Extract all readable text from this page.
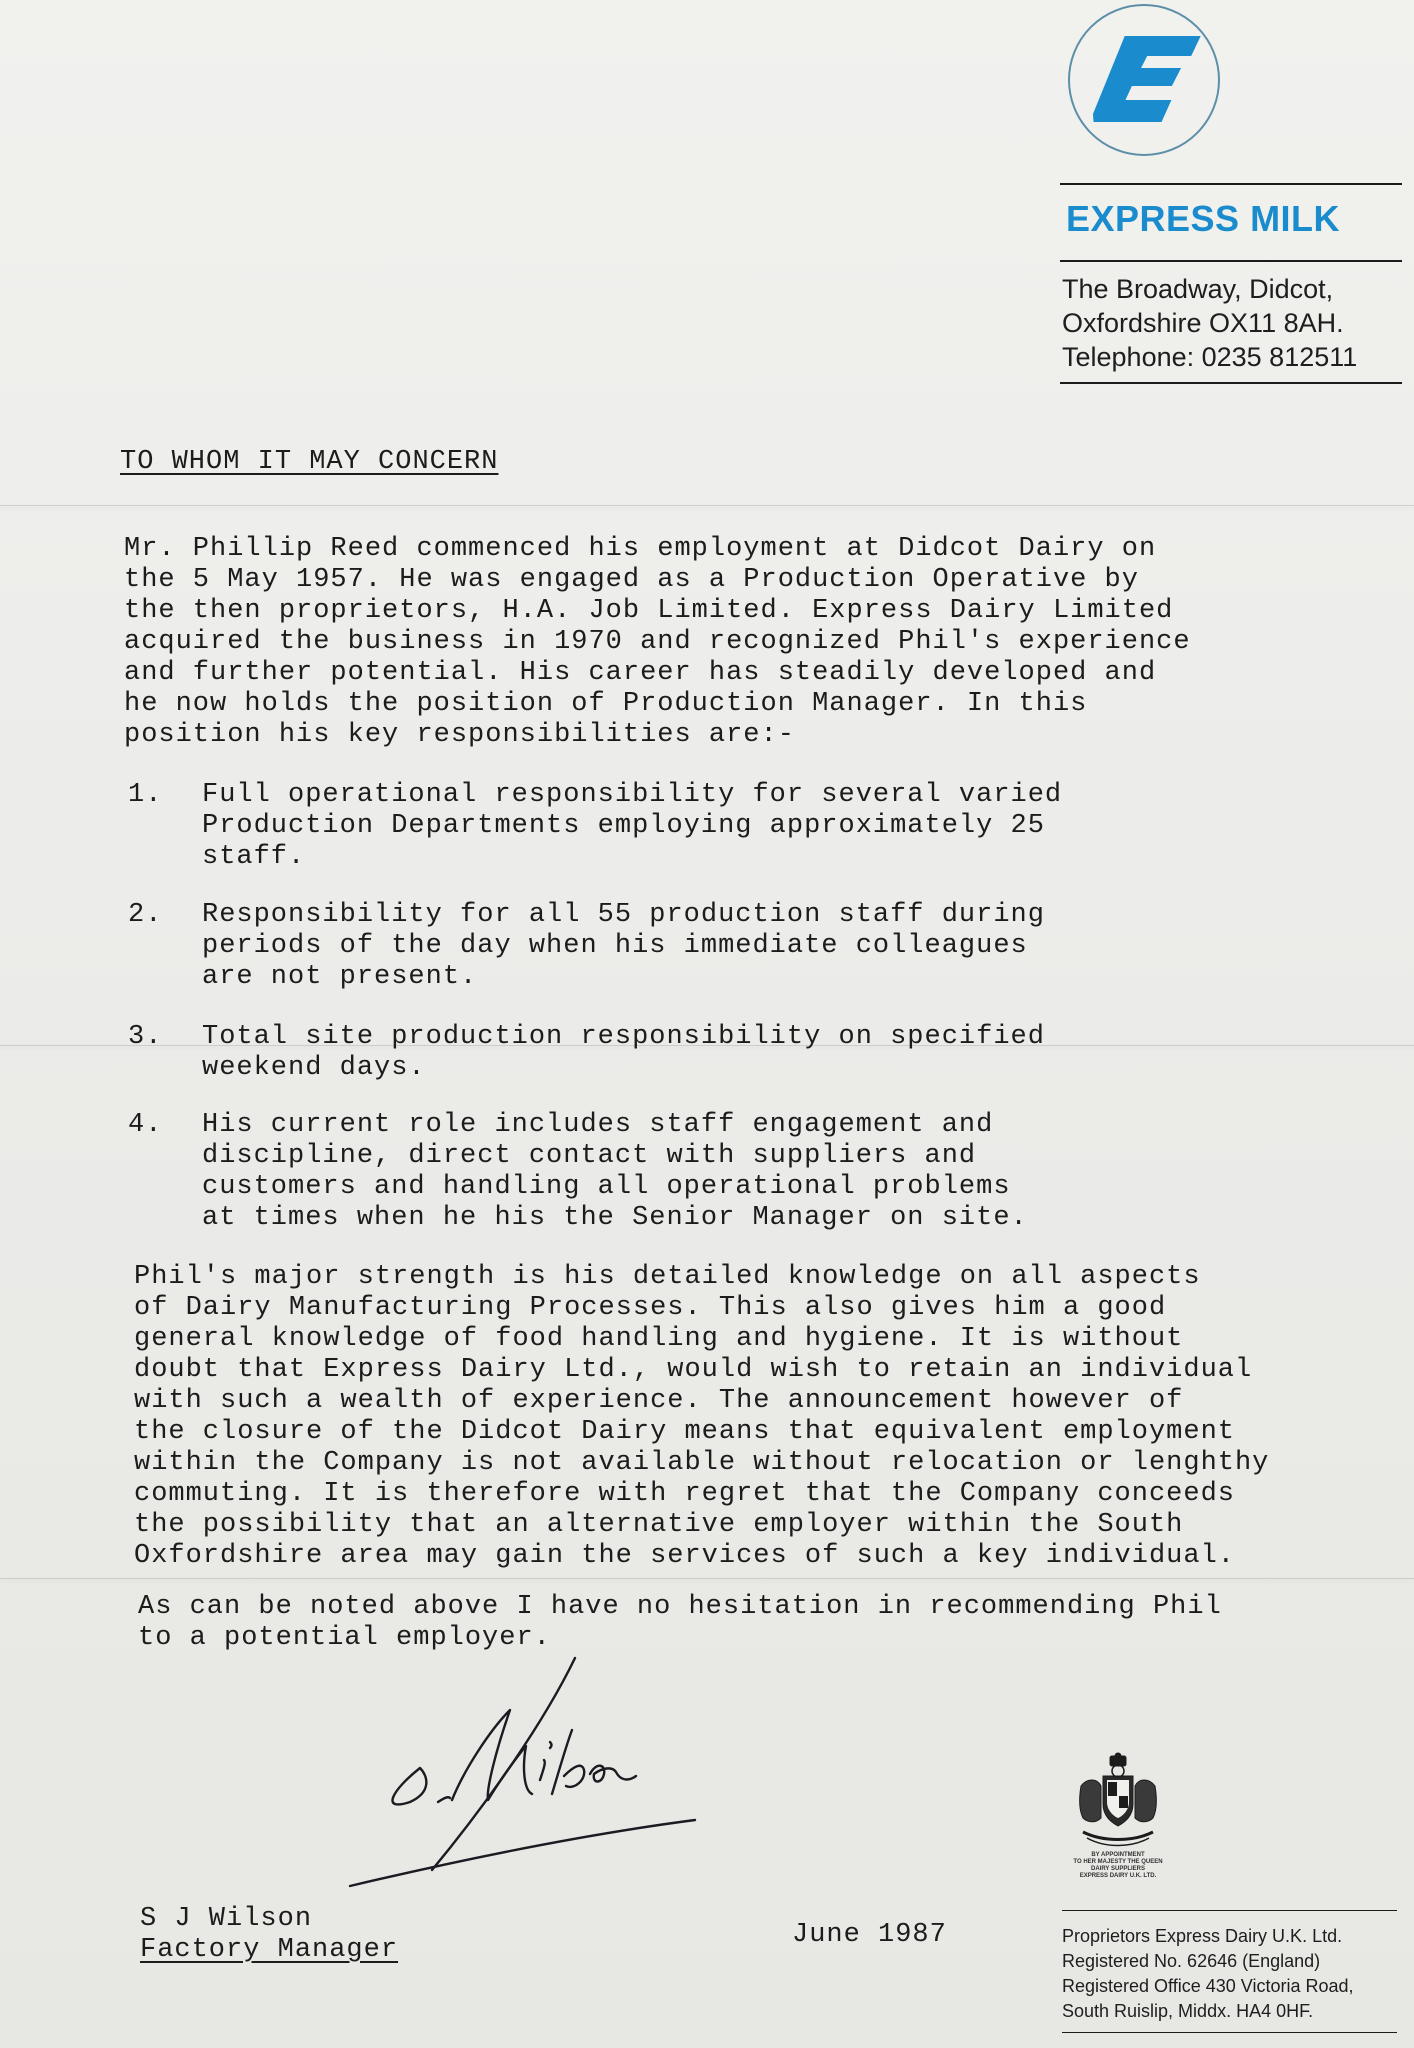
EXPRESS MILK
The Broadway, Didcot,
Oxfordshire OX11 8AH.
Telephone: 0235 812511
TO WHOM IT MAY CONCERN
Mr. Phillip Reed commenced his employment at Didcot Dairy on
the 5 May 1957. He was engaged as a Production Operative by
the then proprietors, H.A. Job Limited. Express Dairy Limited
acquired the business in 1970 and recognized Phil's experience
and further potential. His career has steadily developed and
he now holds the position of Production Manager. In this
position his key responsibilities are:-
1.	Full operational responsibility for several varied
Production Departments employing approximately 25
staff.
2.	Responsibility for all 55 production staff during
periods of the day when his immediate colleagues
are not present.
3.	Total site production responsibility on specified
weekend days.
4.	His current role includes staff engagement and
discipline, direct contact with suppliers and
customers and handling all operational problems
at times when he his the Senior Manager on site.
Phil's major strength is his detailed knowledge on all aspects
of Dairy Manufacturing Processes. This also gives him a good
general knowledge of food handling and hygiene. It is without
doubt that Express Dairy Ltd., would wish to retain an individual
with such a wealth of experience. The announcement however of
the closure of the Didcot Dairy means that equivalent employment
within the Company is not available without relocation or lenghthy
commuting. It is therefore with regret that the Company conceeds
the possibility that an alternative employer within the South
Oxfordshire area may gain the services of such a key individual.
As can be noted above I have no hesitation in recommending Phil
to a potential employer.
S J Wilson
Factory Manager	June 1987
BY APPOINTMENT
TO HER MAJESTY THE QUEEN
DAIRY SUPPLIERS
EXPRESS DAIRY U.K. LTD.
Proprietors Express Dairy U.K. Ltd.
Registered No. 62646 (England)
Registered Office 430 Victoria Road,
South Ruislip, Middx. HA4 0HF.
